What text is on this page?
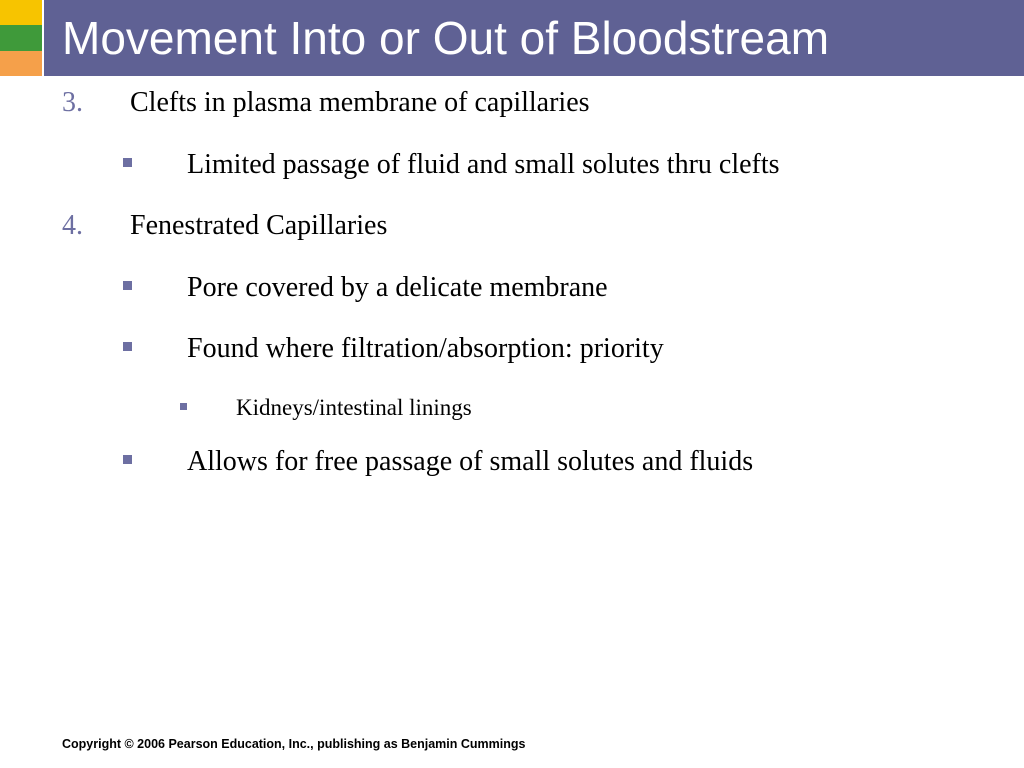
Movement Into or Out of Bloodstream
3. Clefts in plasma membrane of capillaries
Limited passage of fluid and small solutes thru clefts
4. Fenestrated Capillaries
Pore covered by a delicate membrane
Found where filtration/absorption: priority
Kidneys/intestinal linings
Allows for free passage of small solutes and fluids
Copyright © 2006 Pearson Education, Inc., publishing as Benjamin Cummings
